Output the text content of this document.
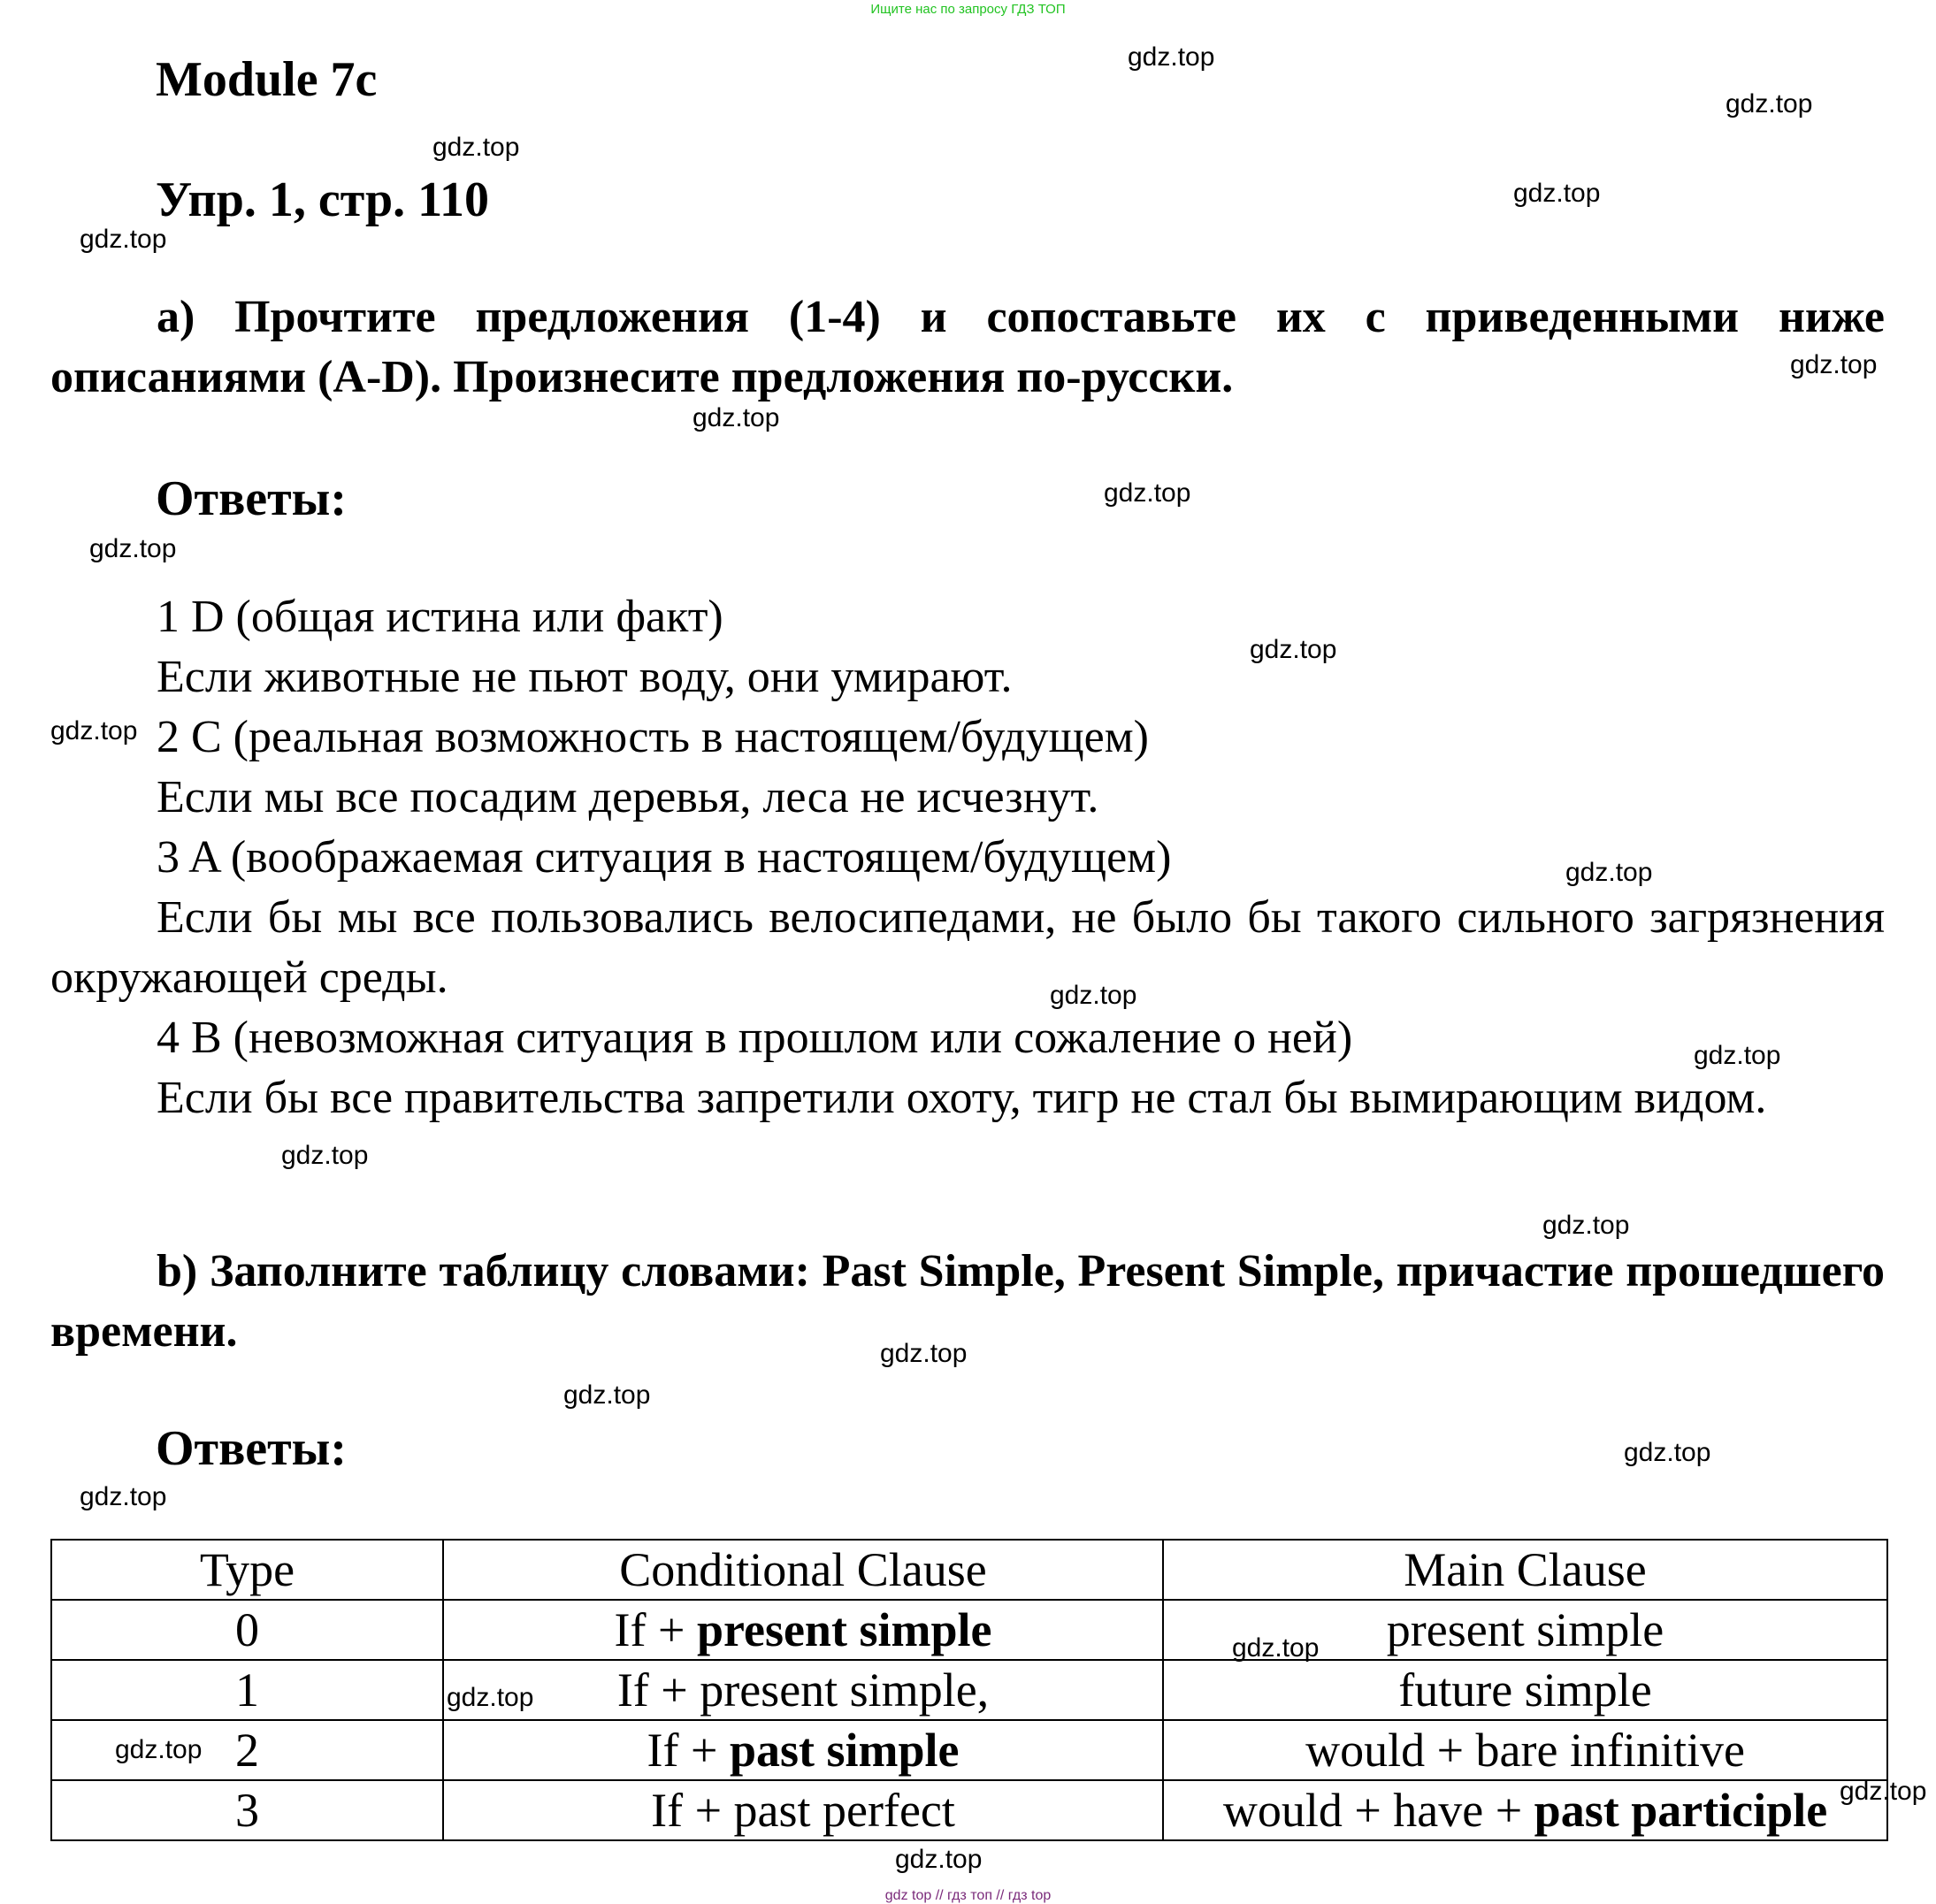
Ищите нас по запросу ГДЗ ТОП
Module 7c
Упр. 1, стр. 110
a) Прочтите предложения (1-4) и сопоставьте их с приведенными ниже описаниями (A-D). Произнесите предложения по-русски.
Ответы:
1 D (общая истина или факт)
Если животные не пьют воду, они умирают.
2 C (реальная возможность в настоящем/будущем)
Если мы все посадим деревья, леса не исчезнут.
3 A (воображаемая ситуация в настоящем/будущем)
Если бы мы все пользовались велосипедами, не было бы такого сильного загрязнения окружающей среды.
4 B (невозможная ситуация в прошлом или сожаление о ней)
Если бы все правительства запретили охоту, тигр не стал бы вымирающим видом.
b) Заполните таблицу словами: Past Simple, Present Simple, причастие прошедшего времени.
Ответы:
Type	Conditional Clause	Main Clause
0	If + present simple	present simple
1	If + present simple,	future simple
2	If + past simple	would + bare infinitive
3	If + past perfect	would + have + past participle
gdz.top
gdz.top
gdz.top
gdz.top
gdz.top
gdz.top
gdz.top
gdz.top
gdz.top
gdz.top
gdz.top
gdz.top
gdz.top
gdz.top
gdz.top
gdz.top
gdz.top
gdz.top
gdz.top
gdz.top
gdz.top
gdz.top
gdz.top
gdz.top
gdz.top
gdz top // гдз топ // гдз top
